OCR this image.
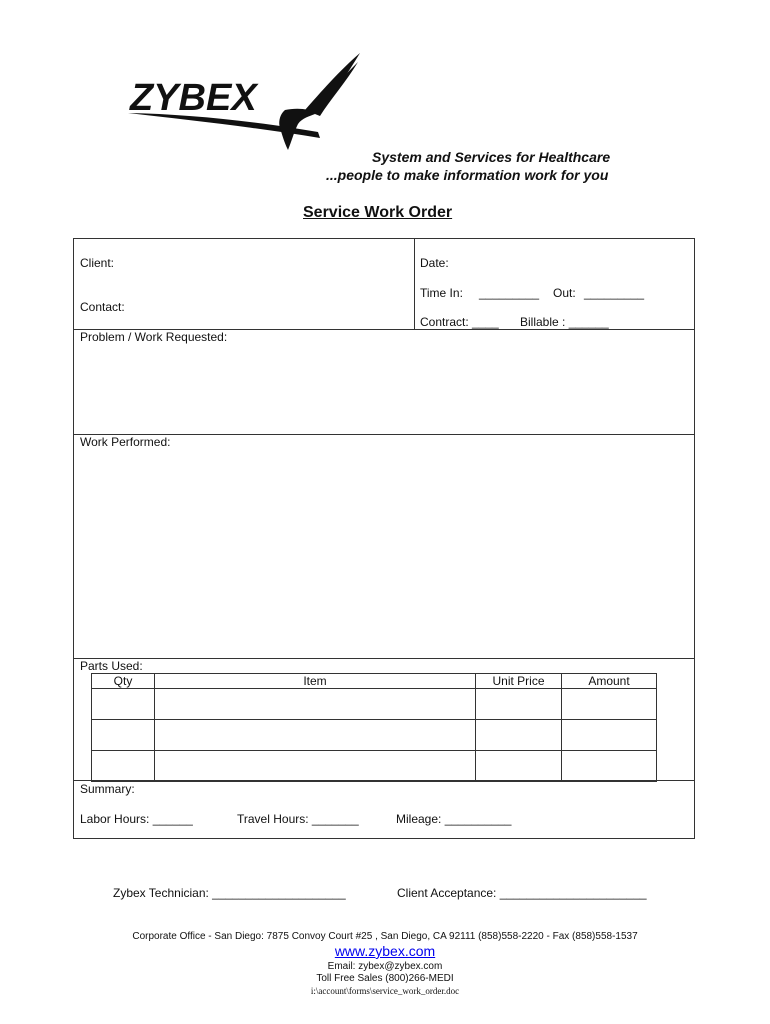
ZYBEX
System and Services for Healthcare
...people to make information work for you
Service Work Order
Client:
Contact:
Date:
Time In: _________ Out: _________
Contract: ____ Billable : ______
Problem / Work Requested:
Work Performed:
Parts Used:
Qty	Item	Unit Price	Amount

Summary:
Labor Hours: ______	Travel Hours: _______	Mileage: __________
Zybex Technician: ____________________	Client Acceptance: ______________________
Corporate Office - San Diego: 7875 Convoy Court #25 , San Diego, CA 92111 (858)558-2220 - Fax (858)558-1537
www.zybex.com
Email: zybex@zybex.com
Toll Free Sales (800)266-MEDI
i:\account\forms\service_work_order.doc
